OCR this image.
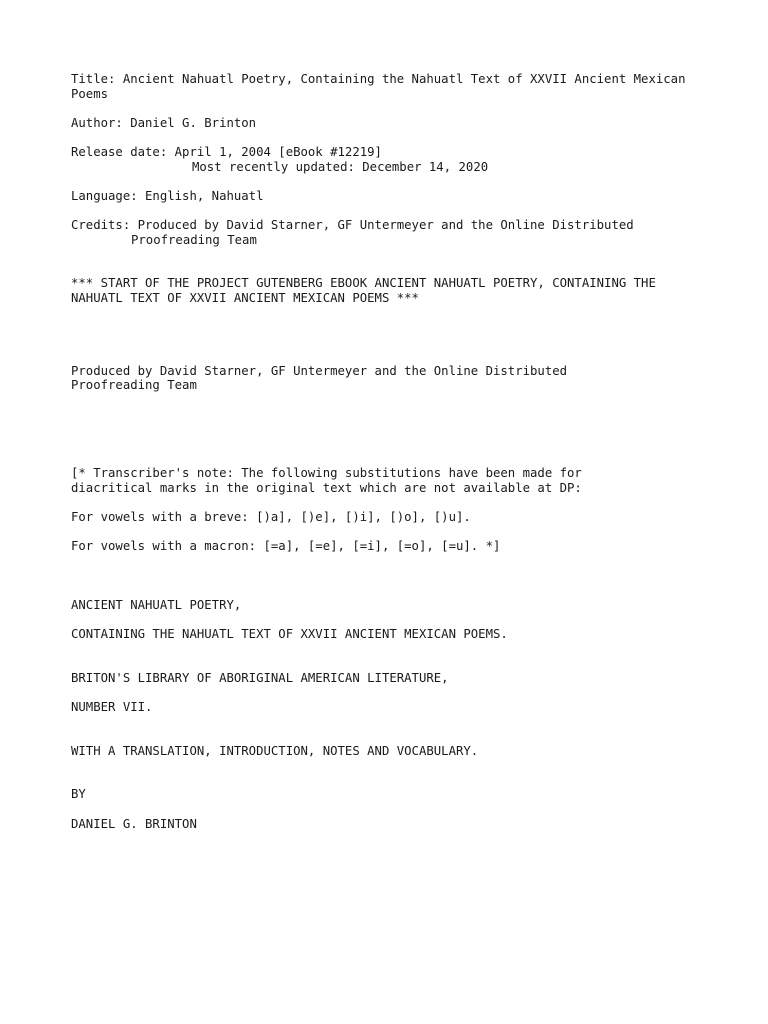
Title: Ancient Nahuatl Poetry, Containing the Nahuatl Text of XXVII Ancient Mexican
Poems
Author: Daniel G. Brinton
Release date: April 1, 2004 [eBook #12219]
Most recently updated: December 14, 2020
Language: English, Nahuatl
Credits: Produced by David Starner, GF Untermeyer and the Online Distributed
Proofreading Team
*** START OF THE PROJECT GUTENBERG EBOOK ANCIENT NAHUATL POETRY, CONTAINING THE
NAHUATL TEXT OF XXVII ANCIENT MEXICAN POEMS ***
Produced by David Starner, GF Untermeyer and the Online Distributed
Proofreading Team
[* Transcriber's note: The following substitutions have been made for
diacritical marks in the original text which are not available at DP:
For vowels with a breve: [)a], [)e], [)i], [)o], [)u].
For vowels with a macron: [=a], [=e], [=i], [=o], [=u]. *]
ANCIENT NAHUATL POETRY,
CONTAINING THE NAHUATL TEXT OF XXVII ANCIENT MEXICAN POEMS.
BRITON'S LIBRARY OF ABORIGINAL AMERICAN LITERATURE,
NUMBER VII.
WITH A TRANSLATION, INTRODUCTION, NOTES AND VOCABULARY.
BY
DANIEL G. BRINTON
